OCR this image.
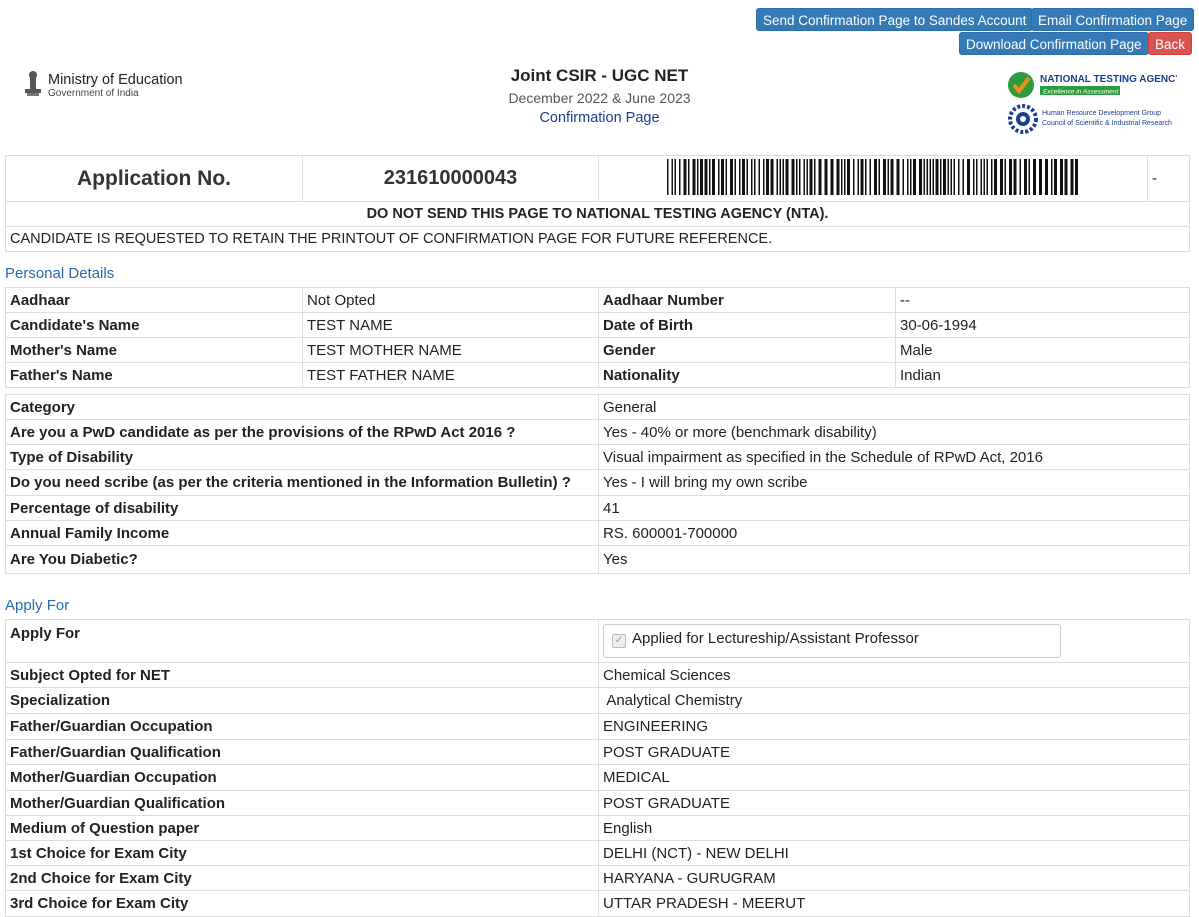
Send Confirmation Page to Sandes Account Email Confirmation Page
Download Confirmation Page Back
Ministry of Education
Government of India
Joint CSIR - UGC NET
December 2022 & June 2023
Confirmation Page
NATIONAL TESTING AGENCY
Excellence in Assessment
Human Resource Development Group
Council of Scientific & Industrial Research
Application No.	231610000043		-
DO NOT SEND THIS PAGE TO NATIONAL TESTING AGENCY (NTA).
CANDIDATE IS REQUESTED TO RETAIN THE PRINTOUT OF CONFIRMATION PAGE FOR FUTURE REFERENCE.
Personal Details
Aadhaar	Not Opted	Aadhaar Number	--
Candidate's Name	TEST NAME	Date of Birth	30-06-1994
Mother's Name	TEST MOTHER NAME	Gender	Male
Father's Name	TEST FATHER NAME	Nationality	Indian
Category	General
Are you a PwD candidate as per the provisions of the RPwD Act 2016 ?	Yes - 40% or more (benchmark disability)
Type of Disability	Visual impairment as specified in the Schedule of RPwD Act, 2016
Do you need scribe (as per the criteria mentioned in the Information Bulletin) ?	Yes - I will bring my own scribe
Percentage of disability	41
Annual Family Income	RS. 600001-700000
Are You Diabetic?	Yes
Apply For
Apply For	✓ Applied for Lectureship/Assistant Professor

Subject Opted for NET	Chemical Sciences
Specialization	Analytical Chemistry
Father/Guardian Occupation	ENGINEERING
Father/Guardian Qualification	POST GRADUATE
Mother/Guardian Occupation	MEDICAL
Mother/Guardian Qualification	POST GRADUATE
Medium of Question paper	English
1st Choice for Exam City	DELHI (NCT) - NEW DELHI
2nd Choice for Exam City	HARYANA - GURUGRAM
3rd Choice for Exam City	UTTAR PRADESH - MEERUT
